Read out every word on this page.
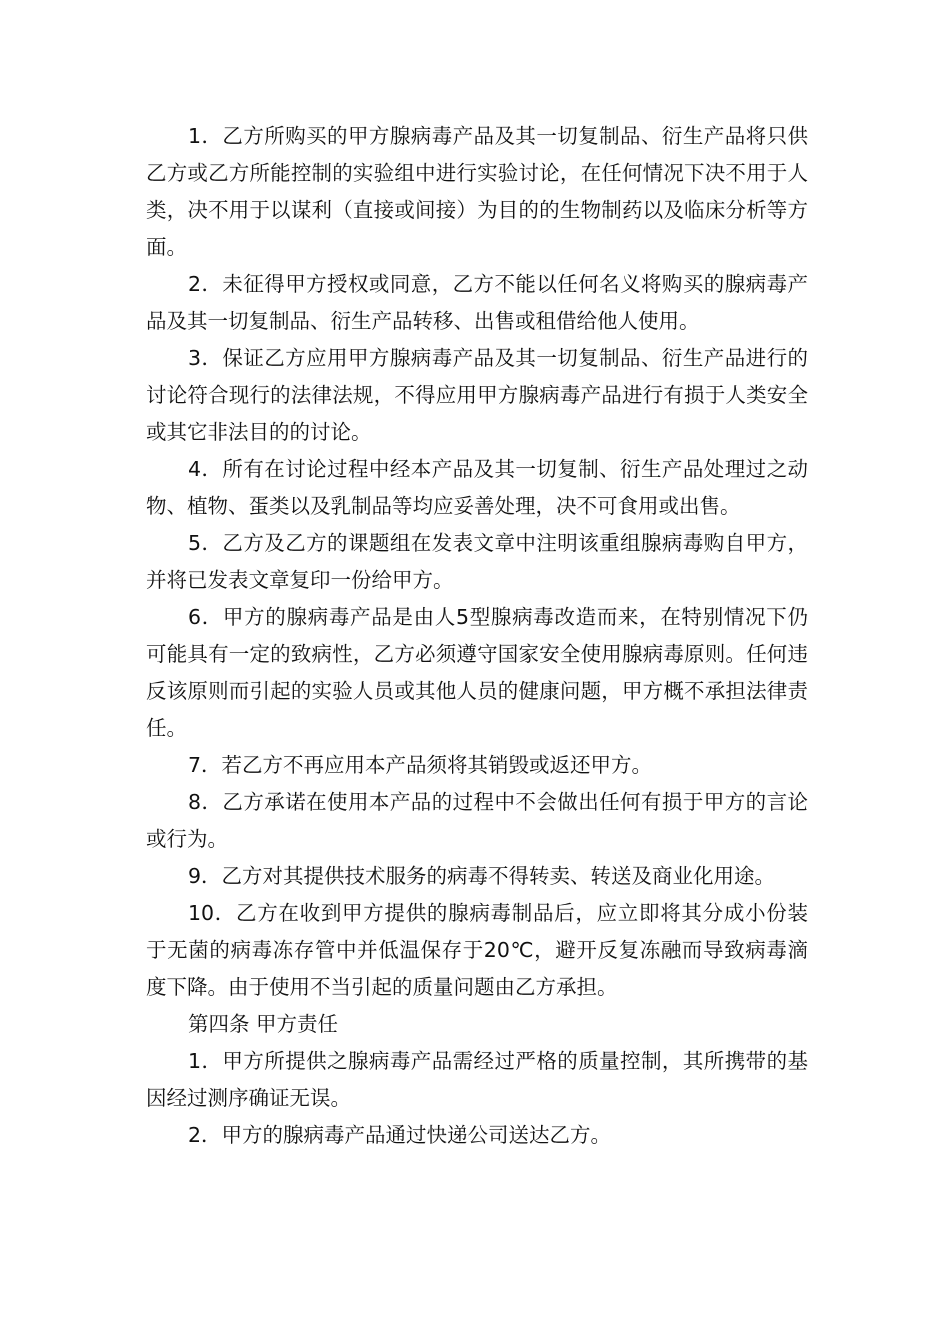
1．乙方所购买的甲方腺病毒产品及其一切复制品、衍生产品将只供乙方或乙方所能控制的实验组中进行实验讨论，在任何情况下决不用于人类，决不用于以谋利（直接或间接）为目的的生物制药以及临床分析等方面。

2．未征得甲方授权或同意，乙方不能以任何名义将购买的腺病毒产品及其一切复制品、衍生产品转移、出售或租借给他人使用。

3．保证乙方应用甲方腺病毒产品及其一切复制品、衍生产品进行的讨论符合现行的法律法规，不得应用甲方腺病毒产品进行有损于人类安全或其它非法目的的讨论。

4．所有在讨论过程中经本产品及其一切复制、衍生产品处理过之动物、植物、蛋类以及乳制品等均应妥善处理，决不可食用或出售。

5．乙方及乙方的课题组在发表文章中注明该重组腺病毒购自甲方，并将已发表文章复印一份给甲方。

6．甲方的腺病毒产品是由人5型腺病毒改造而来，在特别情况下仍可能具有一定的致病性，乙方必须遵守国家安全使用腺病毒原则。任何违反该原则而引起的实验人员或其他人员的健康问题，甲方概不承担法律责任。

7．若乙方不再应用本产品须将其销毁或返还甲方。

8．乙方承诺在使用本产品的过程中不会做出任何有损于甲方的言论或行为。

9．乙方对其提供技术服务的病毒不得转卖、转送及商业化用途。

10．乙方在收到甲方提供的腺病毒制品后，应立即将其分成小份装于无菌的病毒冻存管中并低温保存于20℃，避开反复冻融而导致病毒滴度下降。由于使用不当引起的质量问题由乙方承担。

第四条 甲方责任

1．甲方所提供之腺病毒产品需经过严格的质量控制，其所携带的基因经过测序确证无误。

2．甲方的腺病毒产品通过快递公司送达乙方。
